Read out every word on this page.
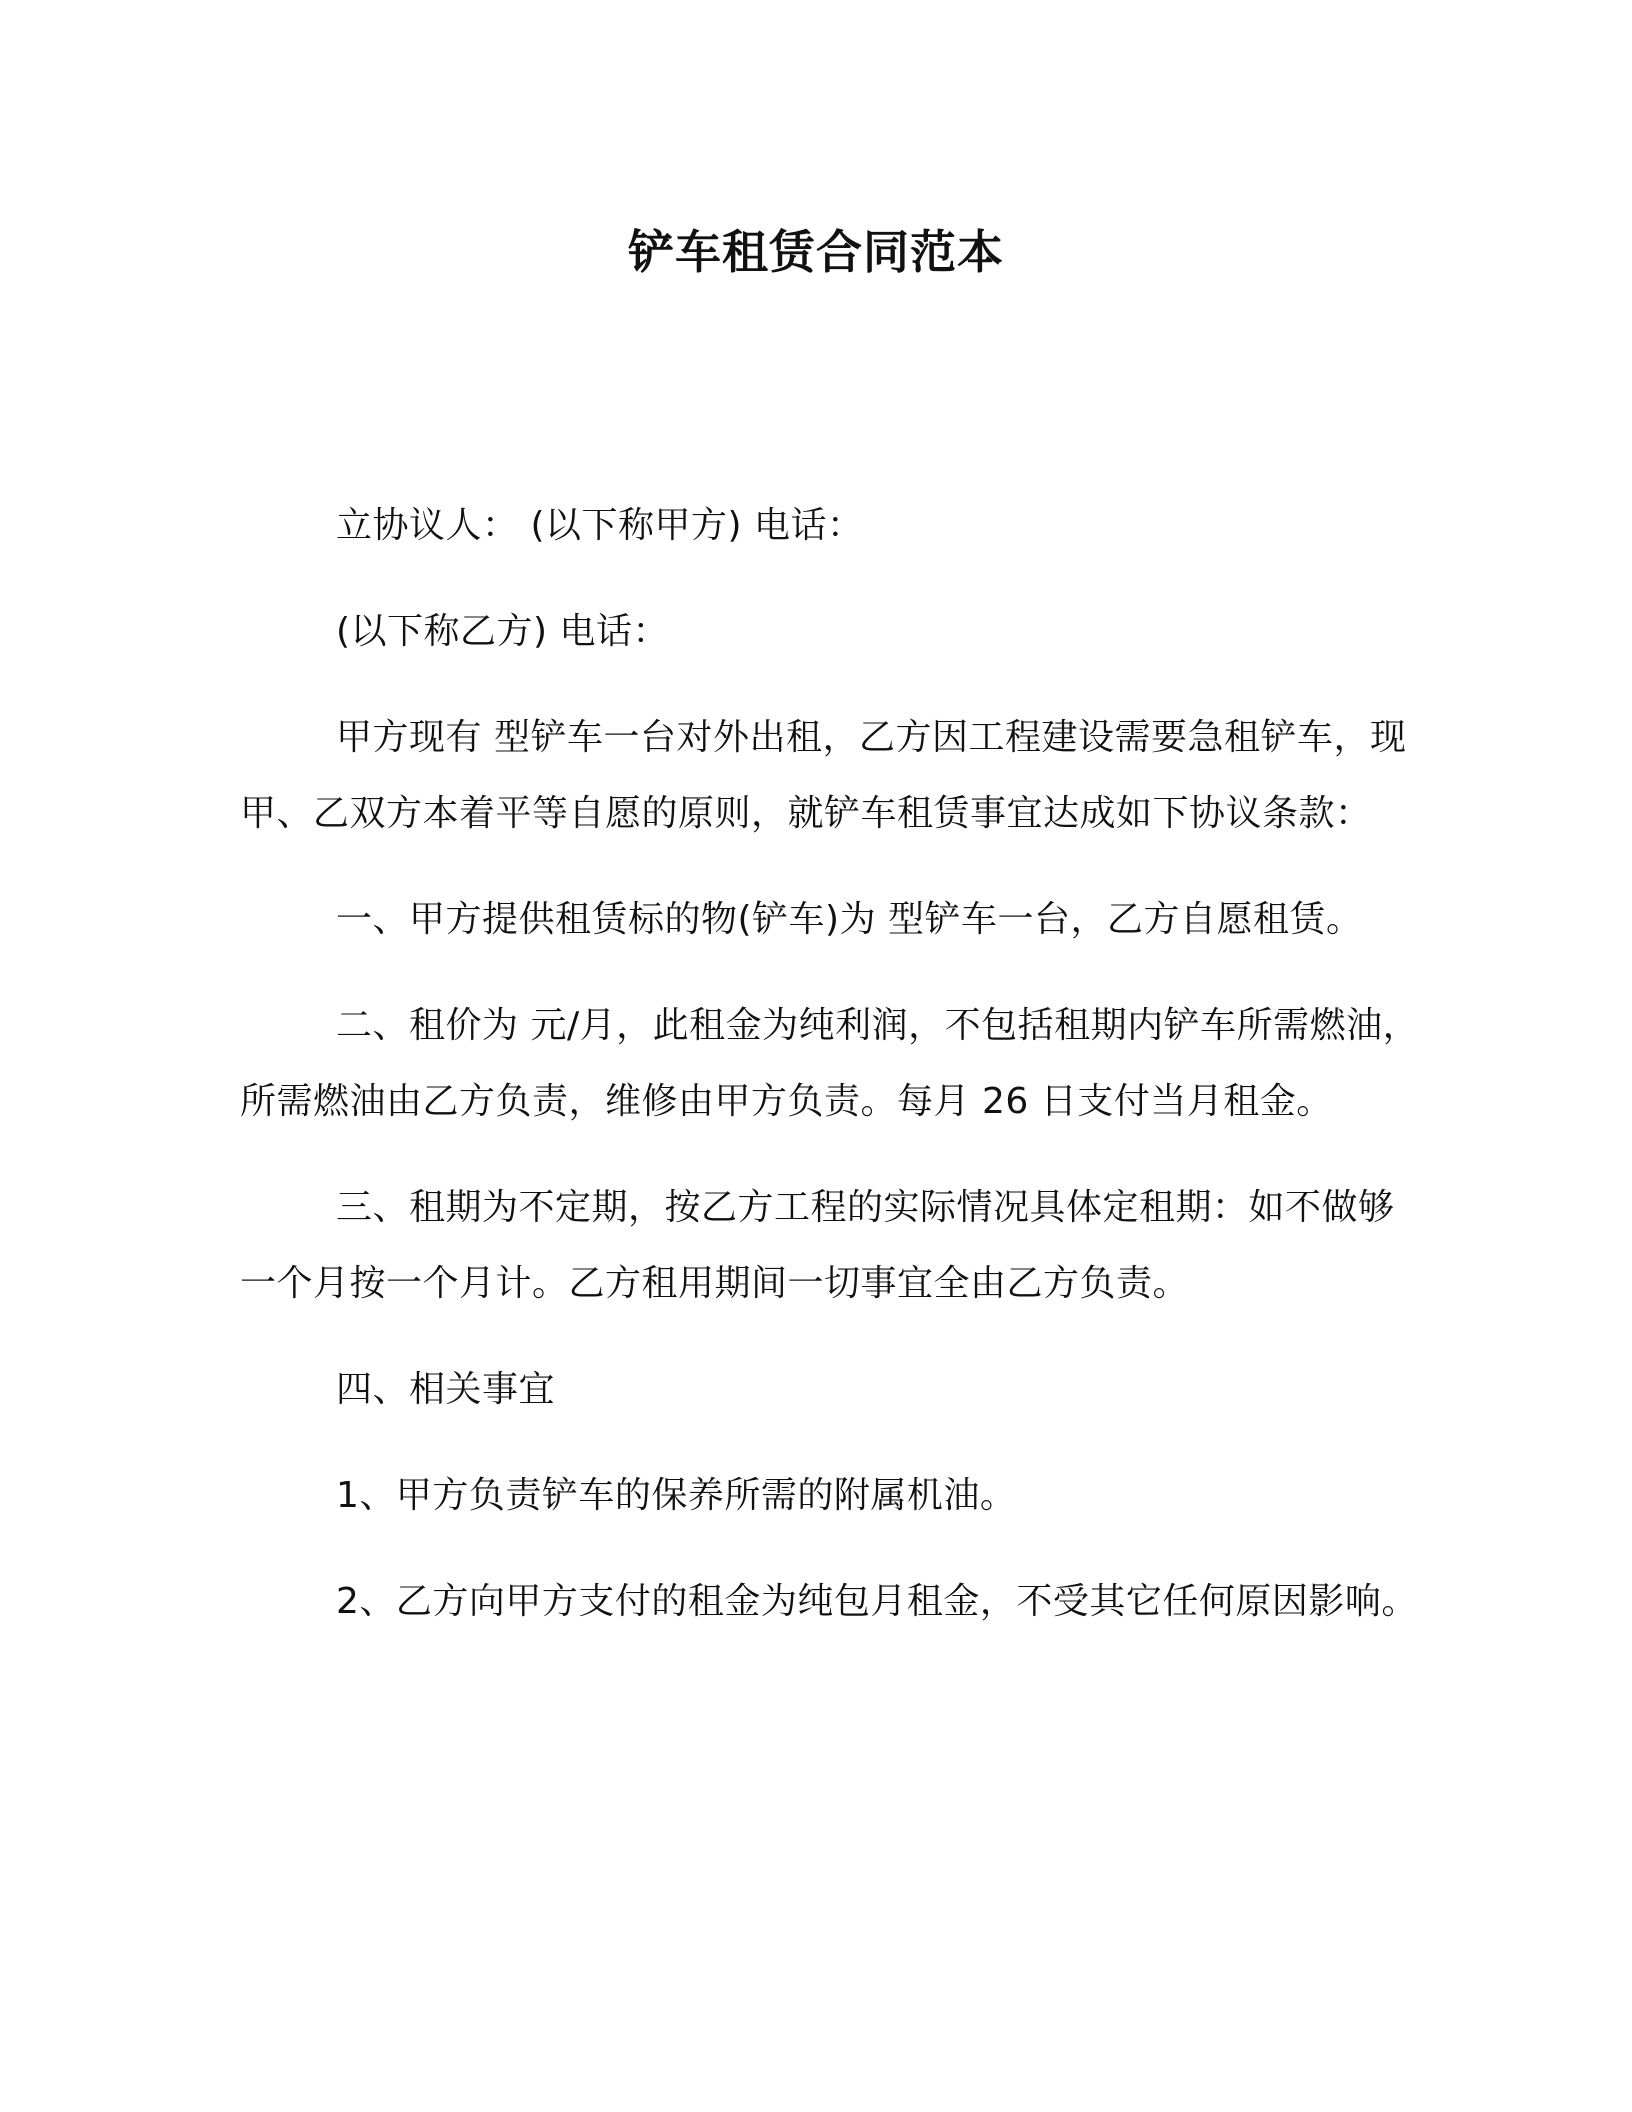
铲车租赁合同范本

立协议人： (以下称甲方) 电话：

(以下称乙方) 电话：

甲方现有 型铲车一台对外出租，乙方因工程建设需要急租铲车，现甲、乙双方本着平等自愿的原则，就铲车租赁事宜达成如下协议条款：

一、甲方提供租赁标的物(铲车)为 型铲车一台，乙方自愿租赁。

二、租价为 元/月，此租金为纯利润，不包括租期内铲车所需燃油，所需燃油由乙方负责，维修由甲方负责。每月 26 日支付当月租金。

三、租期为不定期，按乙方工程的实际情况具体定租期：如不做够一个月按一个月计。乙方租用期间一切事宜全由乙方负责。

四、相关事宜

1、甲方负责铲车的保养所需的附属机油。

2、乙方向甲方支付的租金为纯包月租金，不受其它任何原因影响。
